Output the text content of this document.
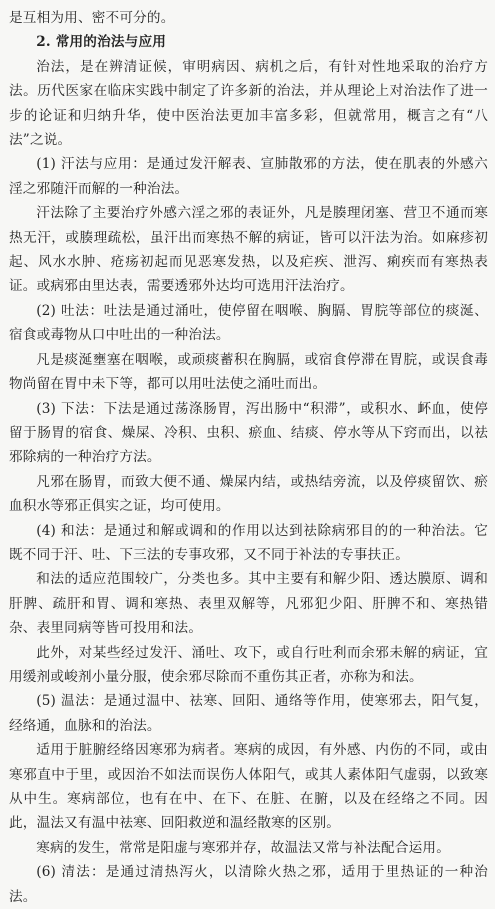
是互相为用、密不可分的。

2. 常用的治法与应用

治法，是在辨清证候，审明病因、病机之后，有针对性地采取的治疗方法。历代医家在临床实践中制定了许多新的治法，并从理论上对治法作了进一步的论证和归纳升华，使中医治法更加丰富多彩，但就常用，概言之有“八法”之说。

(1) 汗法与应用：是通过发汗解表、宣肺散邪的方法，使在肌表的外感六淫之邪随汗而解的一种治法。

汗法除了主要治疗外感六淫之邪的表证外，凡是腠理闭塞、营卫不通而寒热无汗，或腠理疏松，虽汗出而寒热不解的病证，皆可以汗法为治。如麻疹初起、风水水肿、疮疡初起而见恶寒发热，以及疟疾、泄泻、痢疾而有寒热表证。或病邪由里达表，需要透邪外达均可选用汗法治疗。

(2) 吐法：吐法是通过涌吐，使停留在咽喉、胸膈、胃脘等部位的痰涎、宿食或毒物从口中吐出的一种治法。

凡是痰涎壅塞在咽喉，或顽痰蓄积在胸膈，或宿食停滞在胃脘，或误食毒物尚留在胃中未下等，都可以用吐法使之涌吐而出。

(3) 下法：下法是通过荡涤肠胃，泻出肠中“积滞”，或积水、衃血，使停留于肠胃的宿食、燥屎、冷积、虫积、瘀血、结痰、停水等从下窍而出，以祛邪除病的一种治疗方法。

凡邪在肠胃，而致大便不通、燥屎内结，或热结旁流，以及停痰留饮、瘀血积水等邪正俱实之证，均可使用。

(4) 和法：是通过和解或调和的作用以达到祛除病邪目的的一种治法。它既不同于汗、吐、下三法的专事攻邪，又不同于补法的专事扶正。

和法的适应范围较广，分类也多。其中主要有和解少阳、透达膜原、调和肝脾、疏肝和胃、调和寒热、表里双解等，凡邪犯少阳、肝脾不和、寒热错杂、表里同病等皆可投用和法。

此外，对某些经过发汗、涌吐、攻下，或自行吐利而余邪未解的病证，宜用缓剂或峻剂小量分服，使余邪尽除而不重伤其正者，亦称为和法。

(5) 温法：是通过温中、祛寒、回阳、通络等作用，使寒邪去，阳气复，经络通，血脉和的治法。

适用于脏腑经络因寒邪为病者。寒病的成因，有外感、内伤的不同，或由寒邪直中于里，或因治不如法而误伤人体阳气，或其人素体阳气虚弱，以致寒从中生。寒病部位，也有在中、在下、在脏、在腑，以及在经络之不同。因此，温法又有温中祛寒、回阳救逆和温经散寒的区别。

寒病的发生，常常是阳虚与寒邪并存，故温法又常与补法配合运用。

(6) 清法：是通过清热泻火，以清除火热之邪，适用于里热证的一种治法。
